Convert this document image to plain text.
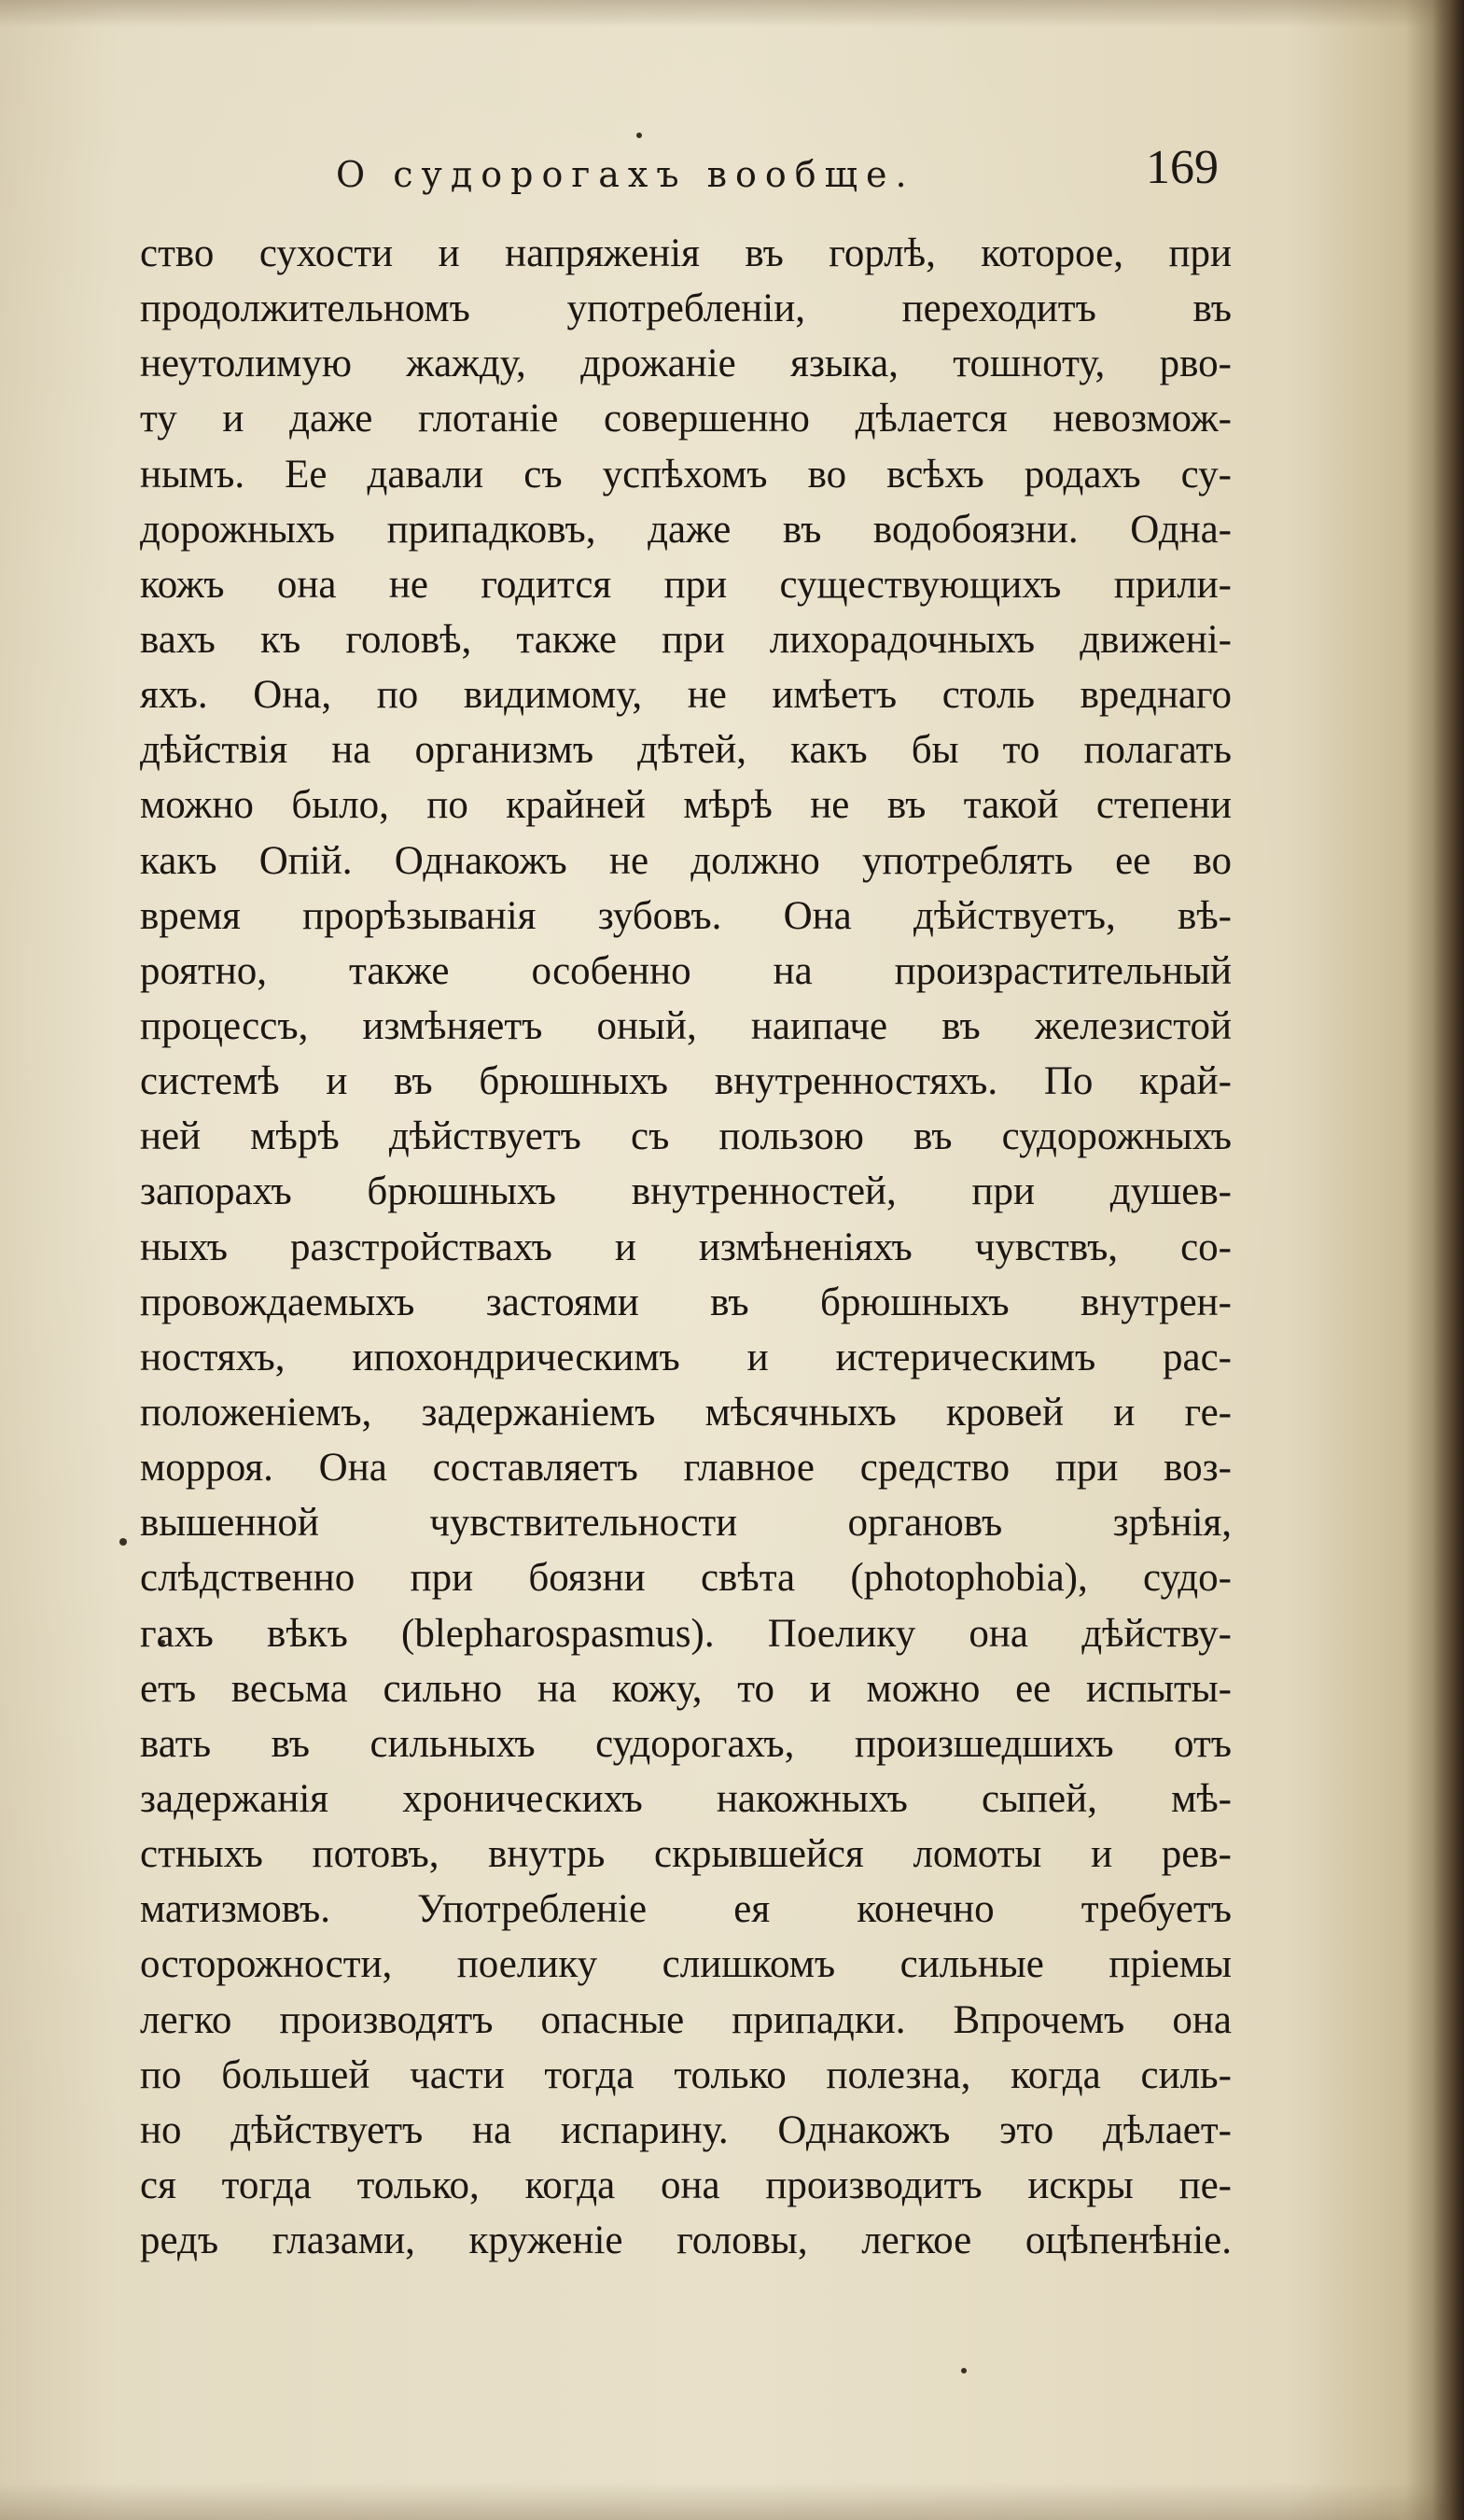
О судорогахъ вообще.	169
ство сухости и напряженія въ горлѣ, которое, при
продолжительномъ употребленіи, переходитъ въ
неутолимую жажду, дрожаніе языка, тошноту, рво-
ту и даже глотаніе совершенно дѣлается невозмож-
нымъ. Ее давали съ успѣхомъ во всѣхъ родахъ су-
дорожныхъ припадковъ, даже въ водобоязни. Одна-
кожъ она не годится при существующихъ прили-
вахъ къ головѣ, также при лихорадочныхъ движені-
яхъ. Она, по видимому, не имѣетъ столь вреднаго
дѣйствія на организмъ дѣтей, какъ бы то полагать
можно было, по крайней мѣрѣ не въ такой степени
какъ Опій. Однакожъ не должно употреблять ее во
время прорѣзыванія зубовъ. Она дѣйствуетъ, вѣ-
роятно, также особенно на произрастительный
процессъ, измѣняетъ оный, наипаче въ железистой
системѣ и въ брюшныхъ внутренностяхъ. По край-
ней мѣрѣ дѣйствуетъ съ пользою въ судорожныхъ
запорахъ брюшныхъ внутренностей, при душев-
ныхъ разстройствахъ и измѣненіяхъ чувствъ, со-
провождаемыхъ застоями въ брюшныхъ внутрен-
ностяхъ, ипохондрическимъ и истерическимъ рас-
положеніемъ, задержаніемъ мѣсячныхъ кровей и ге-
морроя. Она составляетъ главное средство при воз-
вышенной чувствительности органовъ зрѣнія,
слѣдственно при боязни свѣта (photophobia), судо-
гахъ вѣкъ (blepharospasmus). Поелику она дѣйству-
етъ весьма сильно на кожу, то и можно ее испыты-
вать въ сильныхъ судорогахъ, произшедшихъ отъ
задержанія хроническихъ накожныхъ сыпей, мѣ-
стныхъ потовъ, внутрь скрывшейся ломоты и рев-
матизмовъ. Употребленіе ея конечно требуетъ
осторожности, поелику слишкомъ сильные пріемы
легко производятъ опасные припадки. Впрочемъ она
по большей части тогда только полезна, когда силь-
но дѣйствуетъ на испарину. Однакожъ это дѣлает-
ся тогда только, когда она производитъ искры пе-
редъ глазами, круженіе головы, легкое оцѣпенѣніе.
